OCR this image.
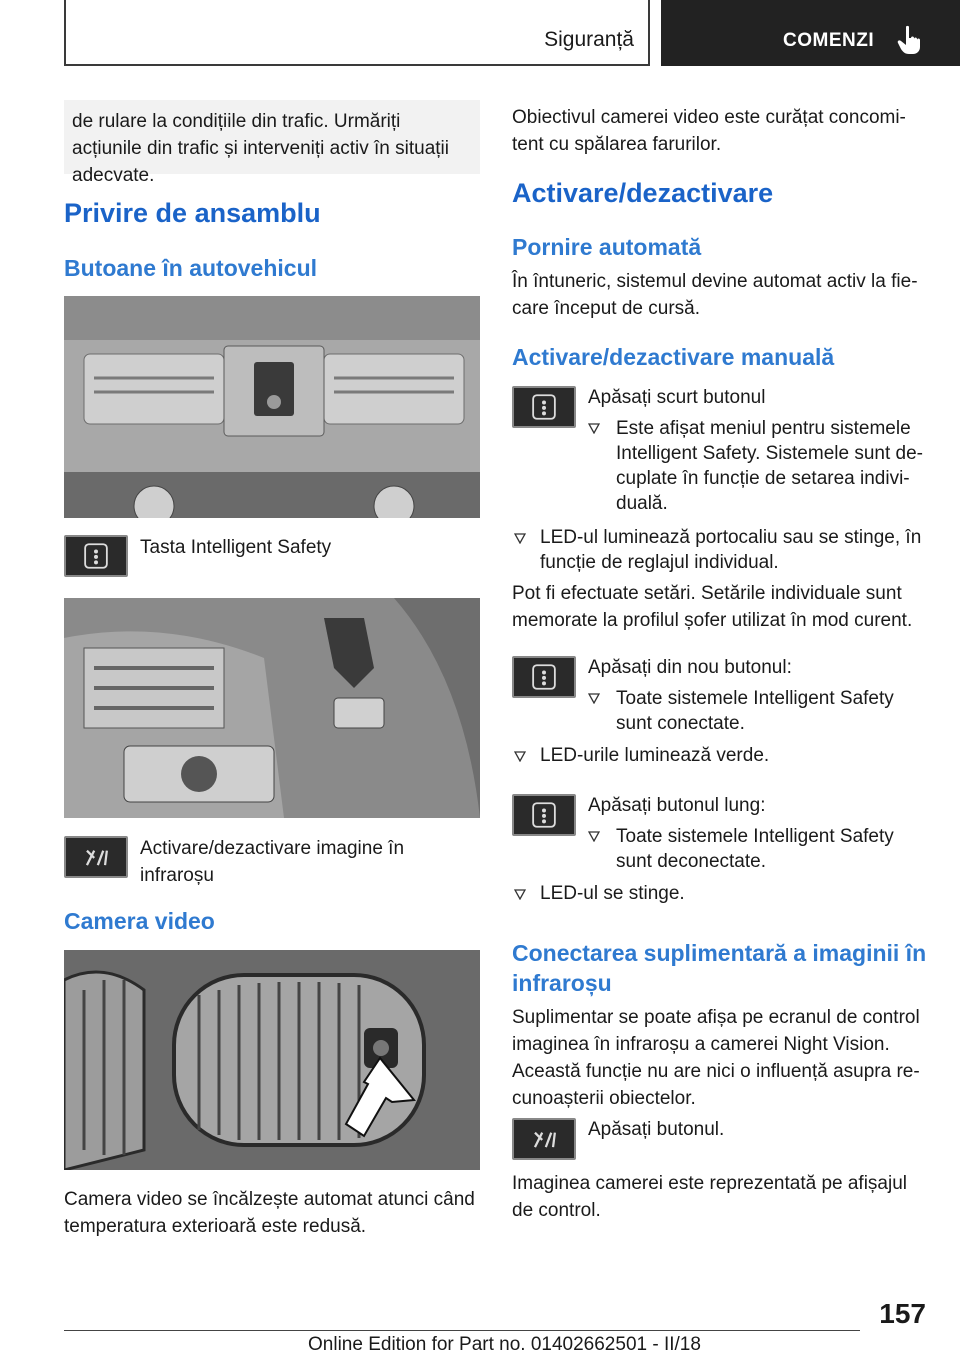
Siguranță	COMENZI

de rulare la condițiile din trafic. Urmăriți acțiunile din trafic și interveniți activ în situații adecvate.

Privire de ansamblu
Butoane în autovehicul

Tasta Intelligent Safety

Activare/dezactivare imagine în infraroșu

Camera video

Camera video se încălzește automat atunci când temperatura exterioară este redusă.

Obiectivul camerei video este curățat concomi-tent cu spălarea farurilor.

Activare/dezactivare
Pornire automată

În întuneric, sistemul devine automat activ la fie-care început de cursă.

Activare/dezactivare manuală

Apăsați scurt butonul

Este afișat meniul pentru sistemele Intelligent Safety. Sistemele sunt de-cuplate în funcție de setarea indivi-duală.

LED-ul luminează portocaliu sau se stinge, în funcție de reglajul individual.

Pot fi efectuate setări. Setările individuale sunt memorate la profilul șofer utilizat în mod curent.

Apăsați din nou butonul:

Toate sistemele Intelligent Safety sunt conectate.

LED-urile luminează verde.

Apăsați butonul lung:

Toate sistemele Intelligent Safety sunt deconectate.

LED-ul se stinge.

Conectarea suplimentară a imaginii în infraroșu

Suplimentar se poate afișa pe ecranul de control imaginea în infraroșu a camerei Night Vision. Această funcție nu are nici o influență asupra re-cunoașterii obiectelor.

Apăsați butonul.

Imaginea camerei este reprezentată pe afișajul de control.

157
Online Edition for Part no. 01402662501 - II/18
